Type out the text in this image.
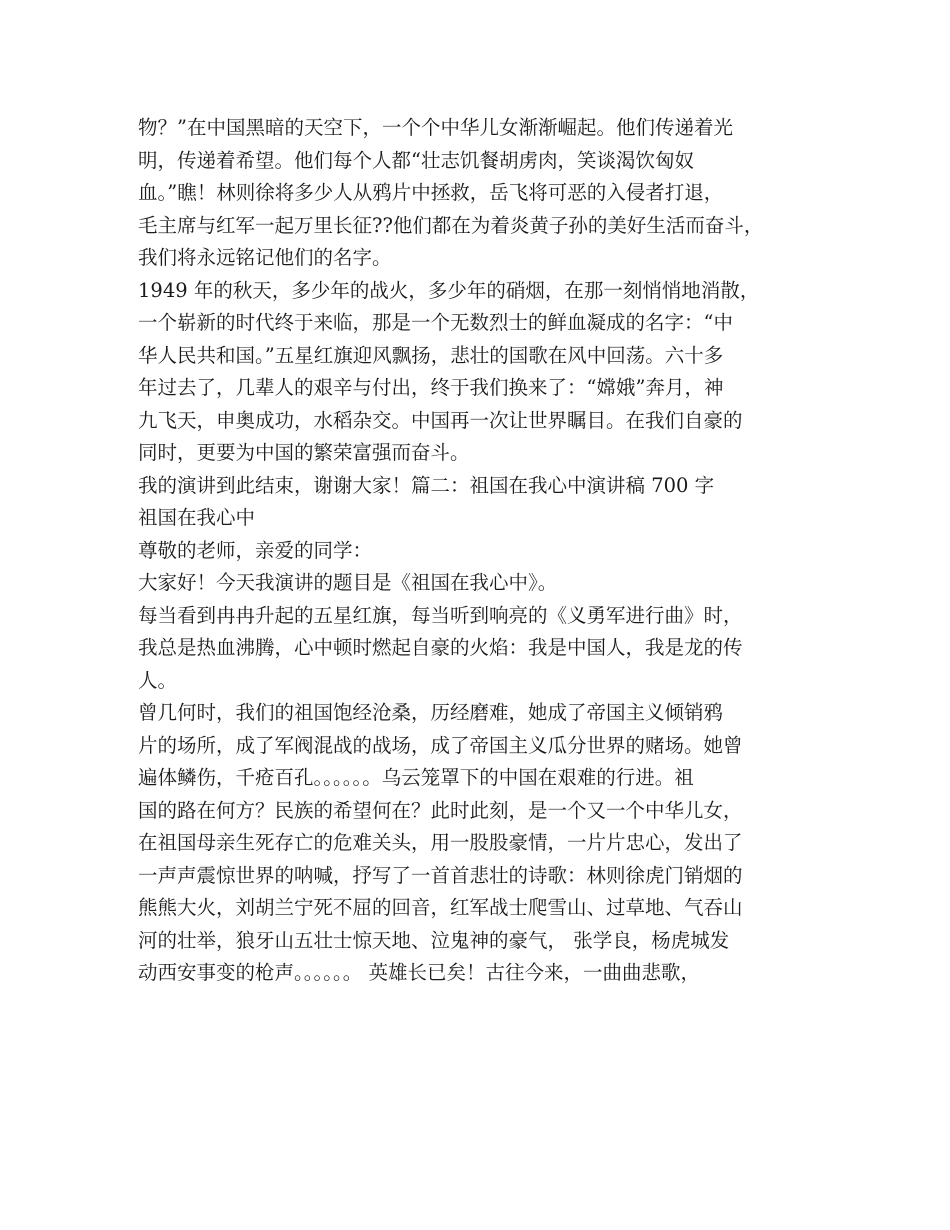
物？”在中国黑暗的天空下，一个个中华儿女渐渐崛起。他们传递着光
明，传递着希望。他们每个人都“壮志饥餐胡虏肉，笑谈渴饮匈奴
血。”瞧！林则徐将多少人从鸦片中拯救，岳飞将可恶的入侵者打退，
毛主席与红军一起万里长征??他们都在为着炎黄子孙的美好生活而奋斗，
我们将永远铭记他们的名字。
1949 年的秋天，多少年的战火，多少年的硝烟，在那一刻悄悄地消散，
一个崭新的时代终于来临，那是一个无数烈士的鲜血凝成的名字：“中
华人民共和国。”五星红旗迎风飘扬，悲壮的国歌在风中回荡。六十多
年过去了，几辈人的艰辛与付出，终于我们换来了：“嫦娥”奔月，神
九飞天，申奥成功，水稻杂交。中国再一次让世界瞩目。在我们自豪的
同时，更要为中国的繁荣富强而奋斗。
我的演讲到此结束，谢谢大家！篇二：祖国在我心中演讲稿 700 字
祖国在我心中
尊敬的老师，亲爱的同学：
大家好！今天我演讲的题目是《祖国在我心中》。
每当看到冉冉升起的五星红旗，每当听到响亮的《义勇军进行曲》时，
我总是热血沸腾，心中顿时燃起自豪的火焰：我是中国人，我是龙的传
人。
曾几何时，我们的祖国饱经沧桑，历经磨难，她成了帝国主义倾销鸦
片的场所，成了军阀混战的战场，成了帝国主义瓜分世界的赌场。她曾
遍体鳞伤，千疮百孔。。。。。。乌云笼罩下的中国在艰难的行进。祖
国的路在何方？民族的希望何在？此时此刻，是一个又一个中华儿女，
在祖国母亲生死存亡的危难关头，用一股股豪情，一片片忠心，发出了
一声声震惊世界的呐喊，抒写了一首首悲壮的诗歌：林则徐虎门销烟的
熊熊大火，刘胡兰宁死不屈的回音，红军战士爬雪山、过草地、气吞山
河的壮举，狼牙山五壮士惊天地、泣鬼神的豪气， 张学良，杨虎城发
动西安事变的枪声。。。。。。 英雄长已矣！古往今来，一曲曲悲歌，
